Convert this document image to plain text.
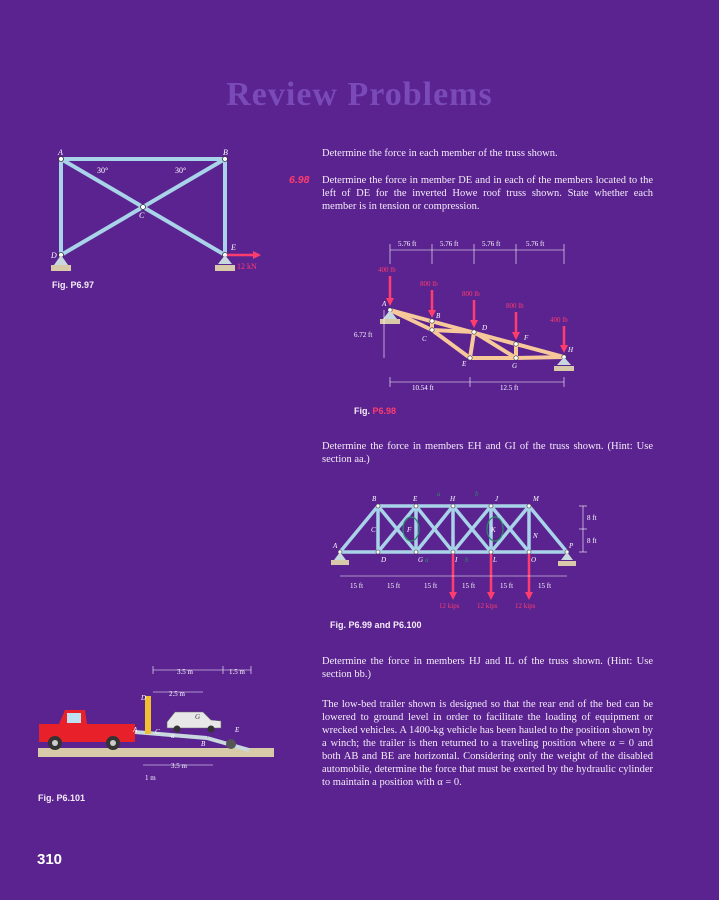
Review Problems
Determine the force in each member of the truss shown.
6.98 Determine the force in member DE and in each of the members located to the left of DE for the inverted Howe roof truss shown. State whether each member is in tension or compression.
Determine the force in members EH and GI of the truss shown. (Hint: Use section aa.)
Determine the force in members HJ and IL of the truss shown. (Hint: Use section bb.)
The low-bed trailer shown is designed so that the rear end of the bed can be lowered to ground level in order to facilitate the loading of equipment or wrecked vehicles. A 1400-kg vehicle has been hauled to the position shown by a winch; the trailer is then returned to a traveling position where α = 0 and both AB and BE are horizontal. Considering only the weight of the disabled automobile, determine the force that must be exerted by the hydraulic cylinder to maintain a position with α = 0.
A	B
C
D
E
30°	30°
12 kN
Fig. P6.97
5.76 ft	5.76 ft	5.76 ft	5.76 ft
400 lb
800 lb
800 lb
800 lb
400 lb
A
B
C
D
E
F
G
H
6.72 ft
10.54 ft	12.5 ft
Fig. P6.98
12 kips	12 kips	12 kips
A
B
C
D
E
F
G
H
I
J
K
L
M
N
O
P
a
a
b
b
8 ft
8 ft
15 ft	15 ft	15 ft	15 ft	15 ft	15 ft
Fig. P6.99 and P6.100
3.5 m	1.5 m
2.5 m
3.5 m
1 m
A
B
C
D
E
G
α
Fig. P6.101
310
